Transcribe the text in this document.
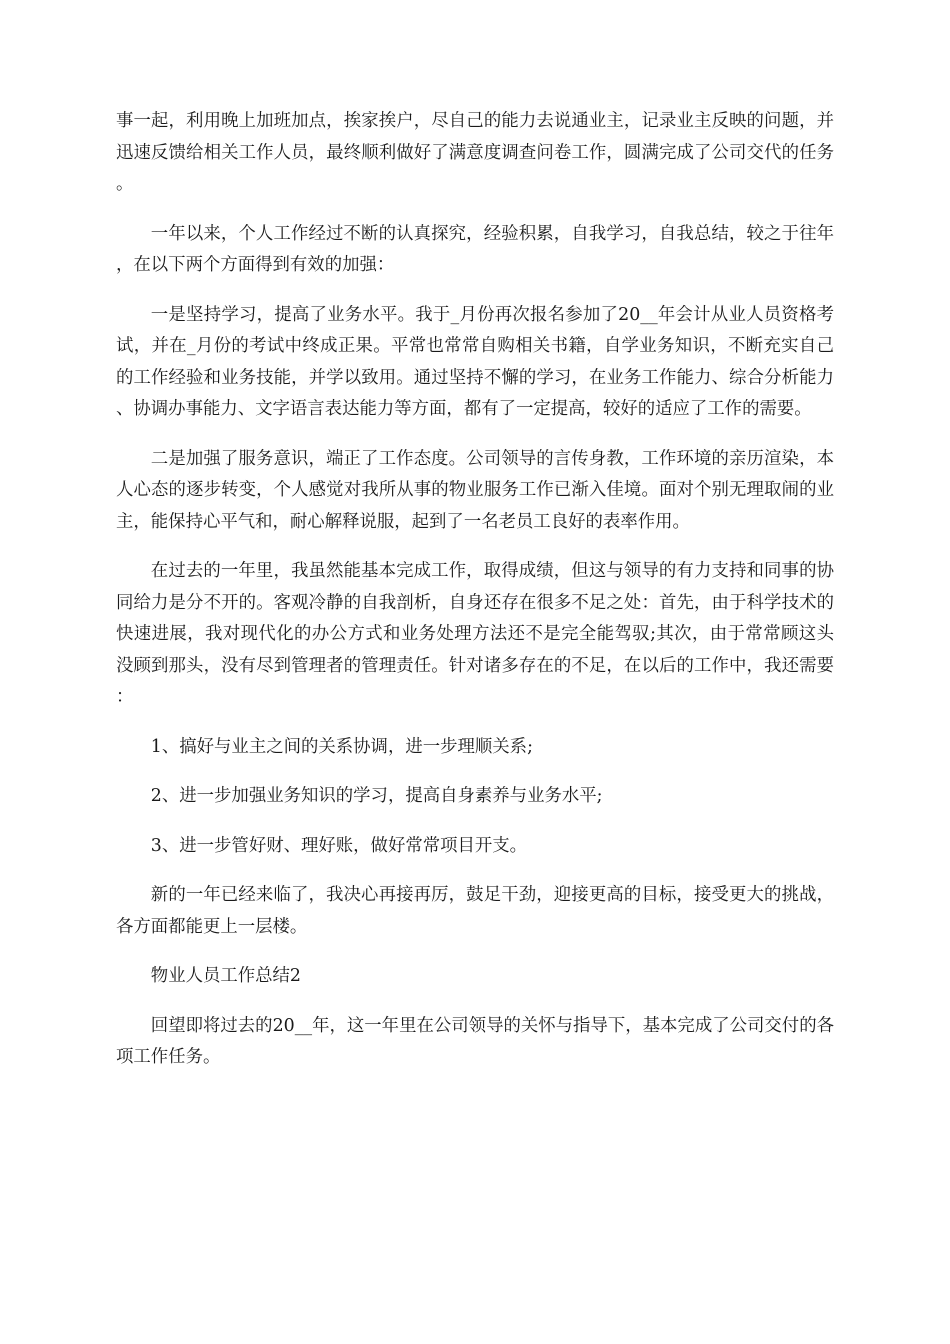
事一起，利用晚上加班加点，挨家挨户，尽自己的能力去说通业主，记录业主反映的问题，并迅速反馈给相关工作人员，最终顺利做好了满意度调查问卷工作，圆满完成了公司交代的任务。

一年以来，个人工作经过不断的认真探究，经验积累，自我学习，自我总结，较之于往年，在以下两个方面得到有效的加强：

一是坚持学习，提高了业务水平。我于_月份再次报名参加了20__年会计从业人员资格考试，并在_月份的考试中终成正果。平常也常常自购相关书籍，自学业务知识，不断充实自己的工作经验和业务技能，并学以致用。通过坚持不懈的学习，在业务工作能力、综合分析能力、协调办事能力、文字语言表达能力等方面，都有了一定提高，较好的适应了工作的需要。

二是加强了服务意识，端正了工作态度。公司领导的言传身教，工作环境的亲历渲染，本人心态的逐步转变，个人感觉对我所从事的物业服务工作已渐入佳境。面对个别无理取闹的业主，能保持心平气和，耐心解释说服，起到了一名老员工良好的表率作用。

在过去的一年里，我虽然能基本完成工作，取得成绩，但这与领导的有力支持和同事的协同给力是分不开的。客观冷静的自我剖析，自身还存在很多不足之处：首先，由于科学技术的快速进展，我对现代化的办公方式和业务处理方法还不是完全能驾驭;其次，由于常常顾这头没顾到那头，没有尽到管理者的管理责任。针对诸多存在的不足，在以后的工作中，我还需要：

1、搞好与业主之间的关系协调，进一步理顺关系;

2、进一步加强业务知识的学习，提高自身素养与业务水平;

3、进一步管好财、理好账，做好常常项目开支。

新的一年已经来临了，我决心再接再厉，鼓足干劲，迎接更高的目标，接受更大的挑战，各方面都能更上一层楼。

物业人员工作总结2

回望即将过去的20__年，这一年里在公司领导的关怀与指导下，基本完成了公司交付的各项工作任务。
